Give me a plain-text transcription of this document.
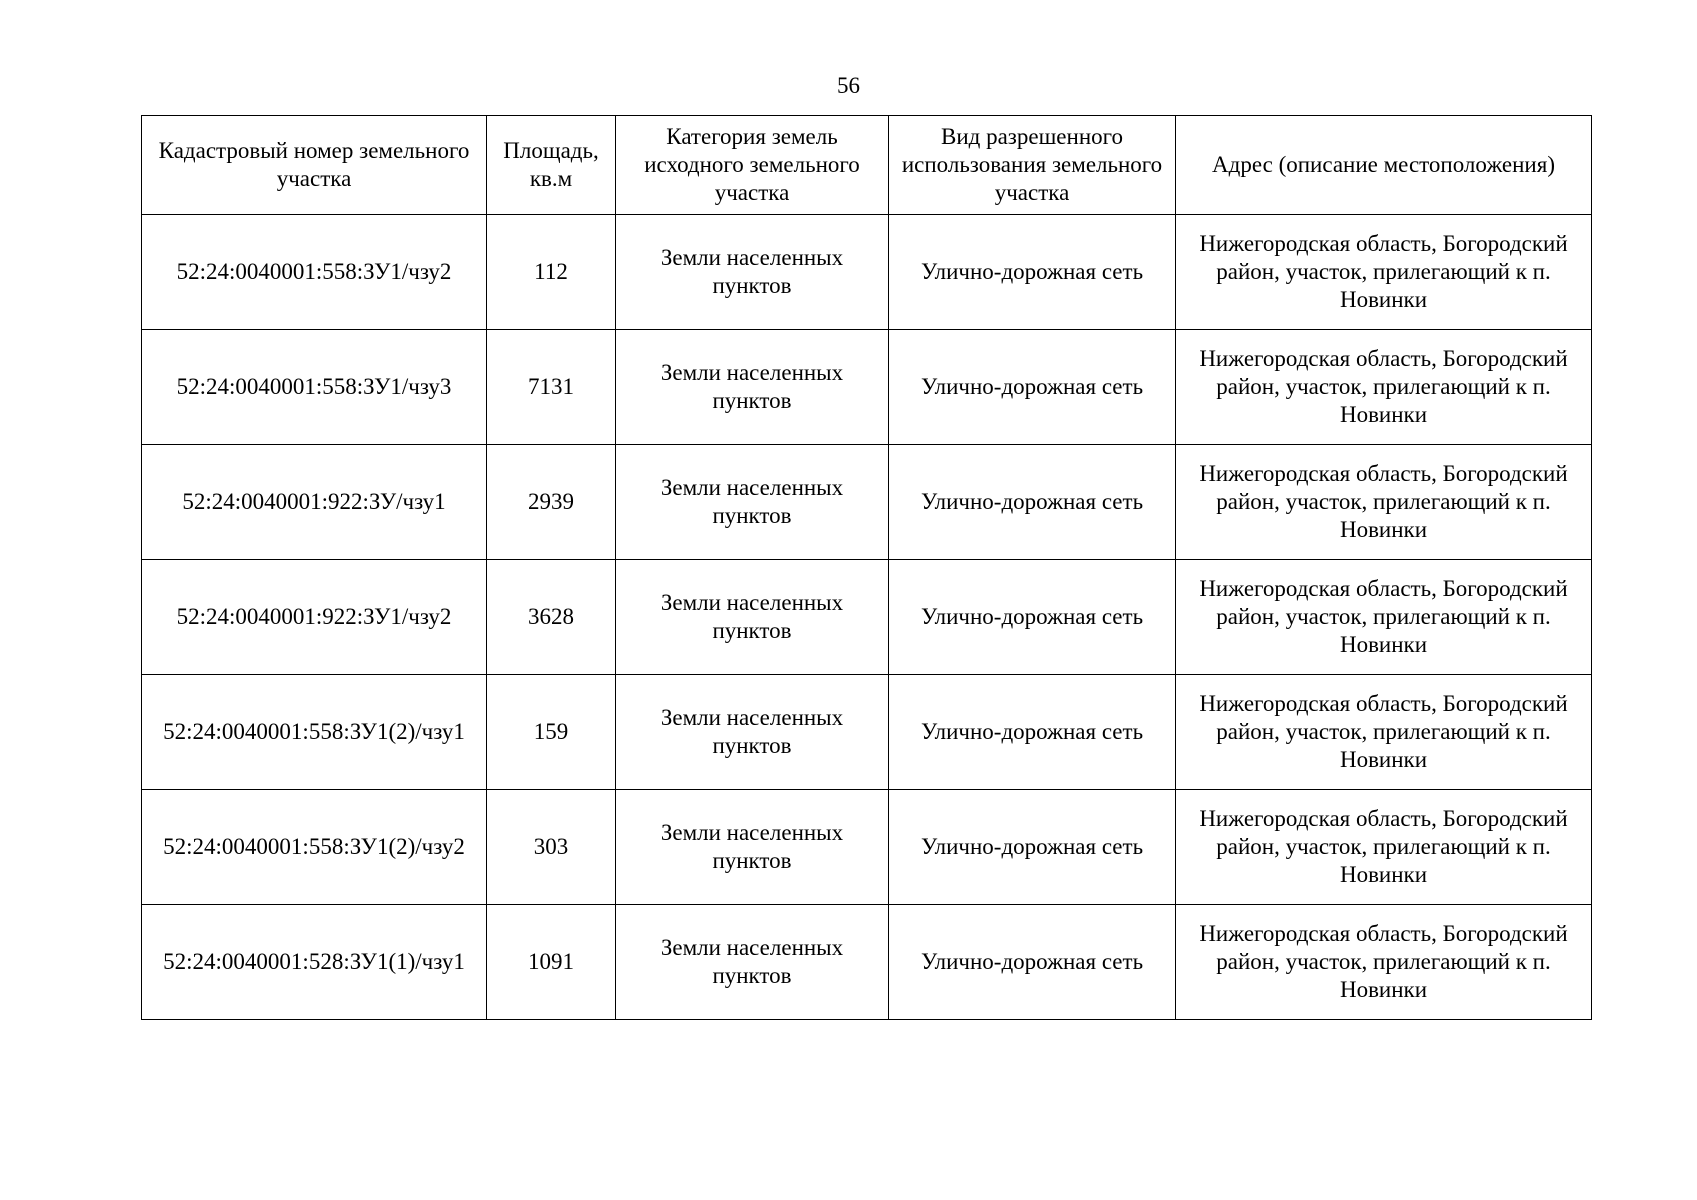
56
Кадастровый номер земельного участка	Площадь, кв.м	Категория земель исходного земельного участка	Вид разрешенного использования земельного участка	Адрес (описание местоположения)
52:24:0040001:558:ЗУ1/чзу2	112	Земли населенных пунктов	Улично-дорожная сеть	Нижегородская область, Богородский район, участок, прилегающий к п. Новинки
52:24:0040001:558:ЗУ1/чзу3	7131	Земли населенных пунктов	Улично-дорожная сеть	Нижегородская область, Богородский район, участок, прилегающий к п. Новинки
52:24:0040001:922:ЗУ/чзу1	2939	Земли населенных пунктов	Улично-дорожная сеть	Нижегородская область, Богородский район, участок, прилегающий к п. Новинки
52:24:0040001:922:ЗУ1/чзу2	3628	Земли населенных пунктов	Улично-дорожная сеть	Нижегородская область, Богородский район, участок, прилегающий к п. Новинки
52:24:0040001:558:ЗУ1(2)/чзу1	159	Земли населенных пунктов	Улично-дорожная сеть	Нижегородская область, Богородский район, участок, прилегающий к п. Новинки
52:24:0040001:558:ЗУ1(2)/чзу2	303	Земли населенных пунктов	Улично-дорожная сеть	Нижегородская область, Богородский район, участок, прилегающий к п. Новинки
52:24:0040001:528:ЗУ1(1)/чзу1	1091	Земли населенных пунктов	Улично-дорожная сеть	Нижегородская область, Богородский район, участок, прилегающий к п. Новинки
